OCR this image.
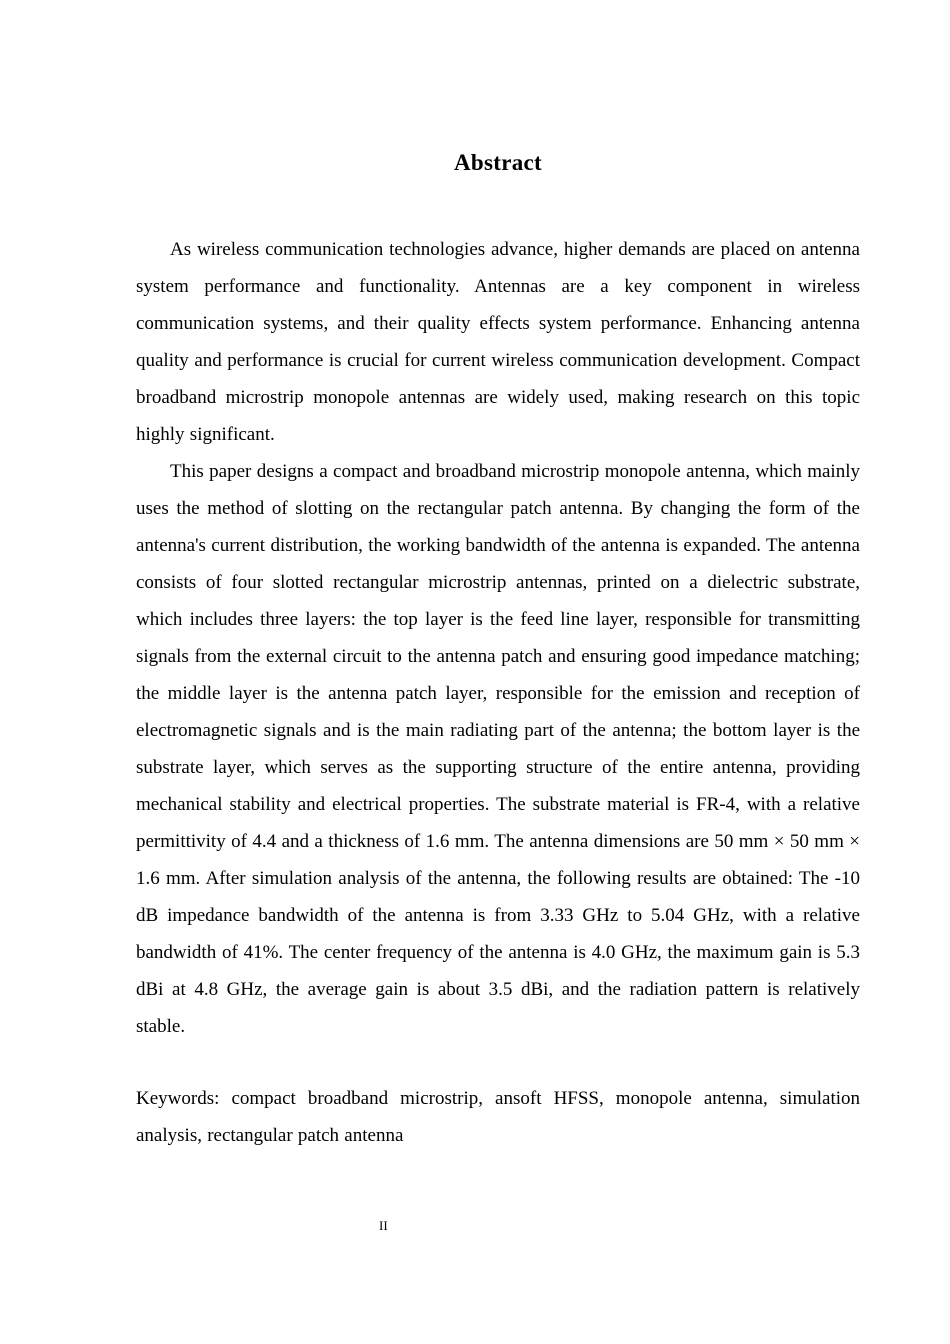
Abstract

As wireless communication technologies advance, higher demands are placed on antenna system performance and functionality. Antennas are a key component in wireless communication systems, and their quality effects system performance. Enhancing antenna quality and performance is crucial for current wireless communication development. Compact broadband microstrip monopole antennas are widely used, making research on this topic highly significant.

This paper designs a compact and broadband microstrip monopole antenna, which mainly uses the method of slotting on the rectangular patch antenna. By changing the form of the antenna's current distribution, the working bandwidth of the antenna is expanded. The antenna consists of four slotted rectangular microstrip antennas, printed on a dielectric substrate, which includes three layers: the top layer is the feed line layer, responsible for transmitting signals from the external circuit to the antenna patch and ensuring good impedance matching; the middle layer is the antenna patch layer, responsible for the emission and reception of electromagnetic signals and is the main radiating part of the antenna; the bottom layer is the substrate layer, which serves as the supporting structure of the entire antenna, providing mechanical stability and electrical properties. The substrate material is FR-4, with a relative permittivity of 4.4 and a thickness of 1.6 mm. The antenna dimensions are 50 mm × 50 mm × 1.6 mm. After simulation analysis of the antenna, the following results are obtained: The -10 dB impedance bandwidth of the antenna is from 3.33 GHz to 5.04 GHz, with a relative bandwidth of 41%. The center frequency of the antenna is 4.0 GHz, the maximum gain is 5.3 dBi at 4.8 GHz, the average gain is about 3.5 dBi, and the radiation pattern is relatively stable.

Keywords: compact broadband microstrip, ansoft HFSS, monopole antenna, simulation analysis, rectangular patch antenna

II
